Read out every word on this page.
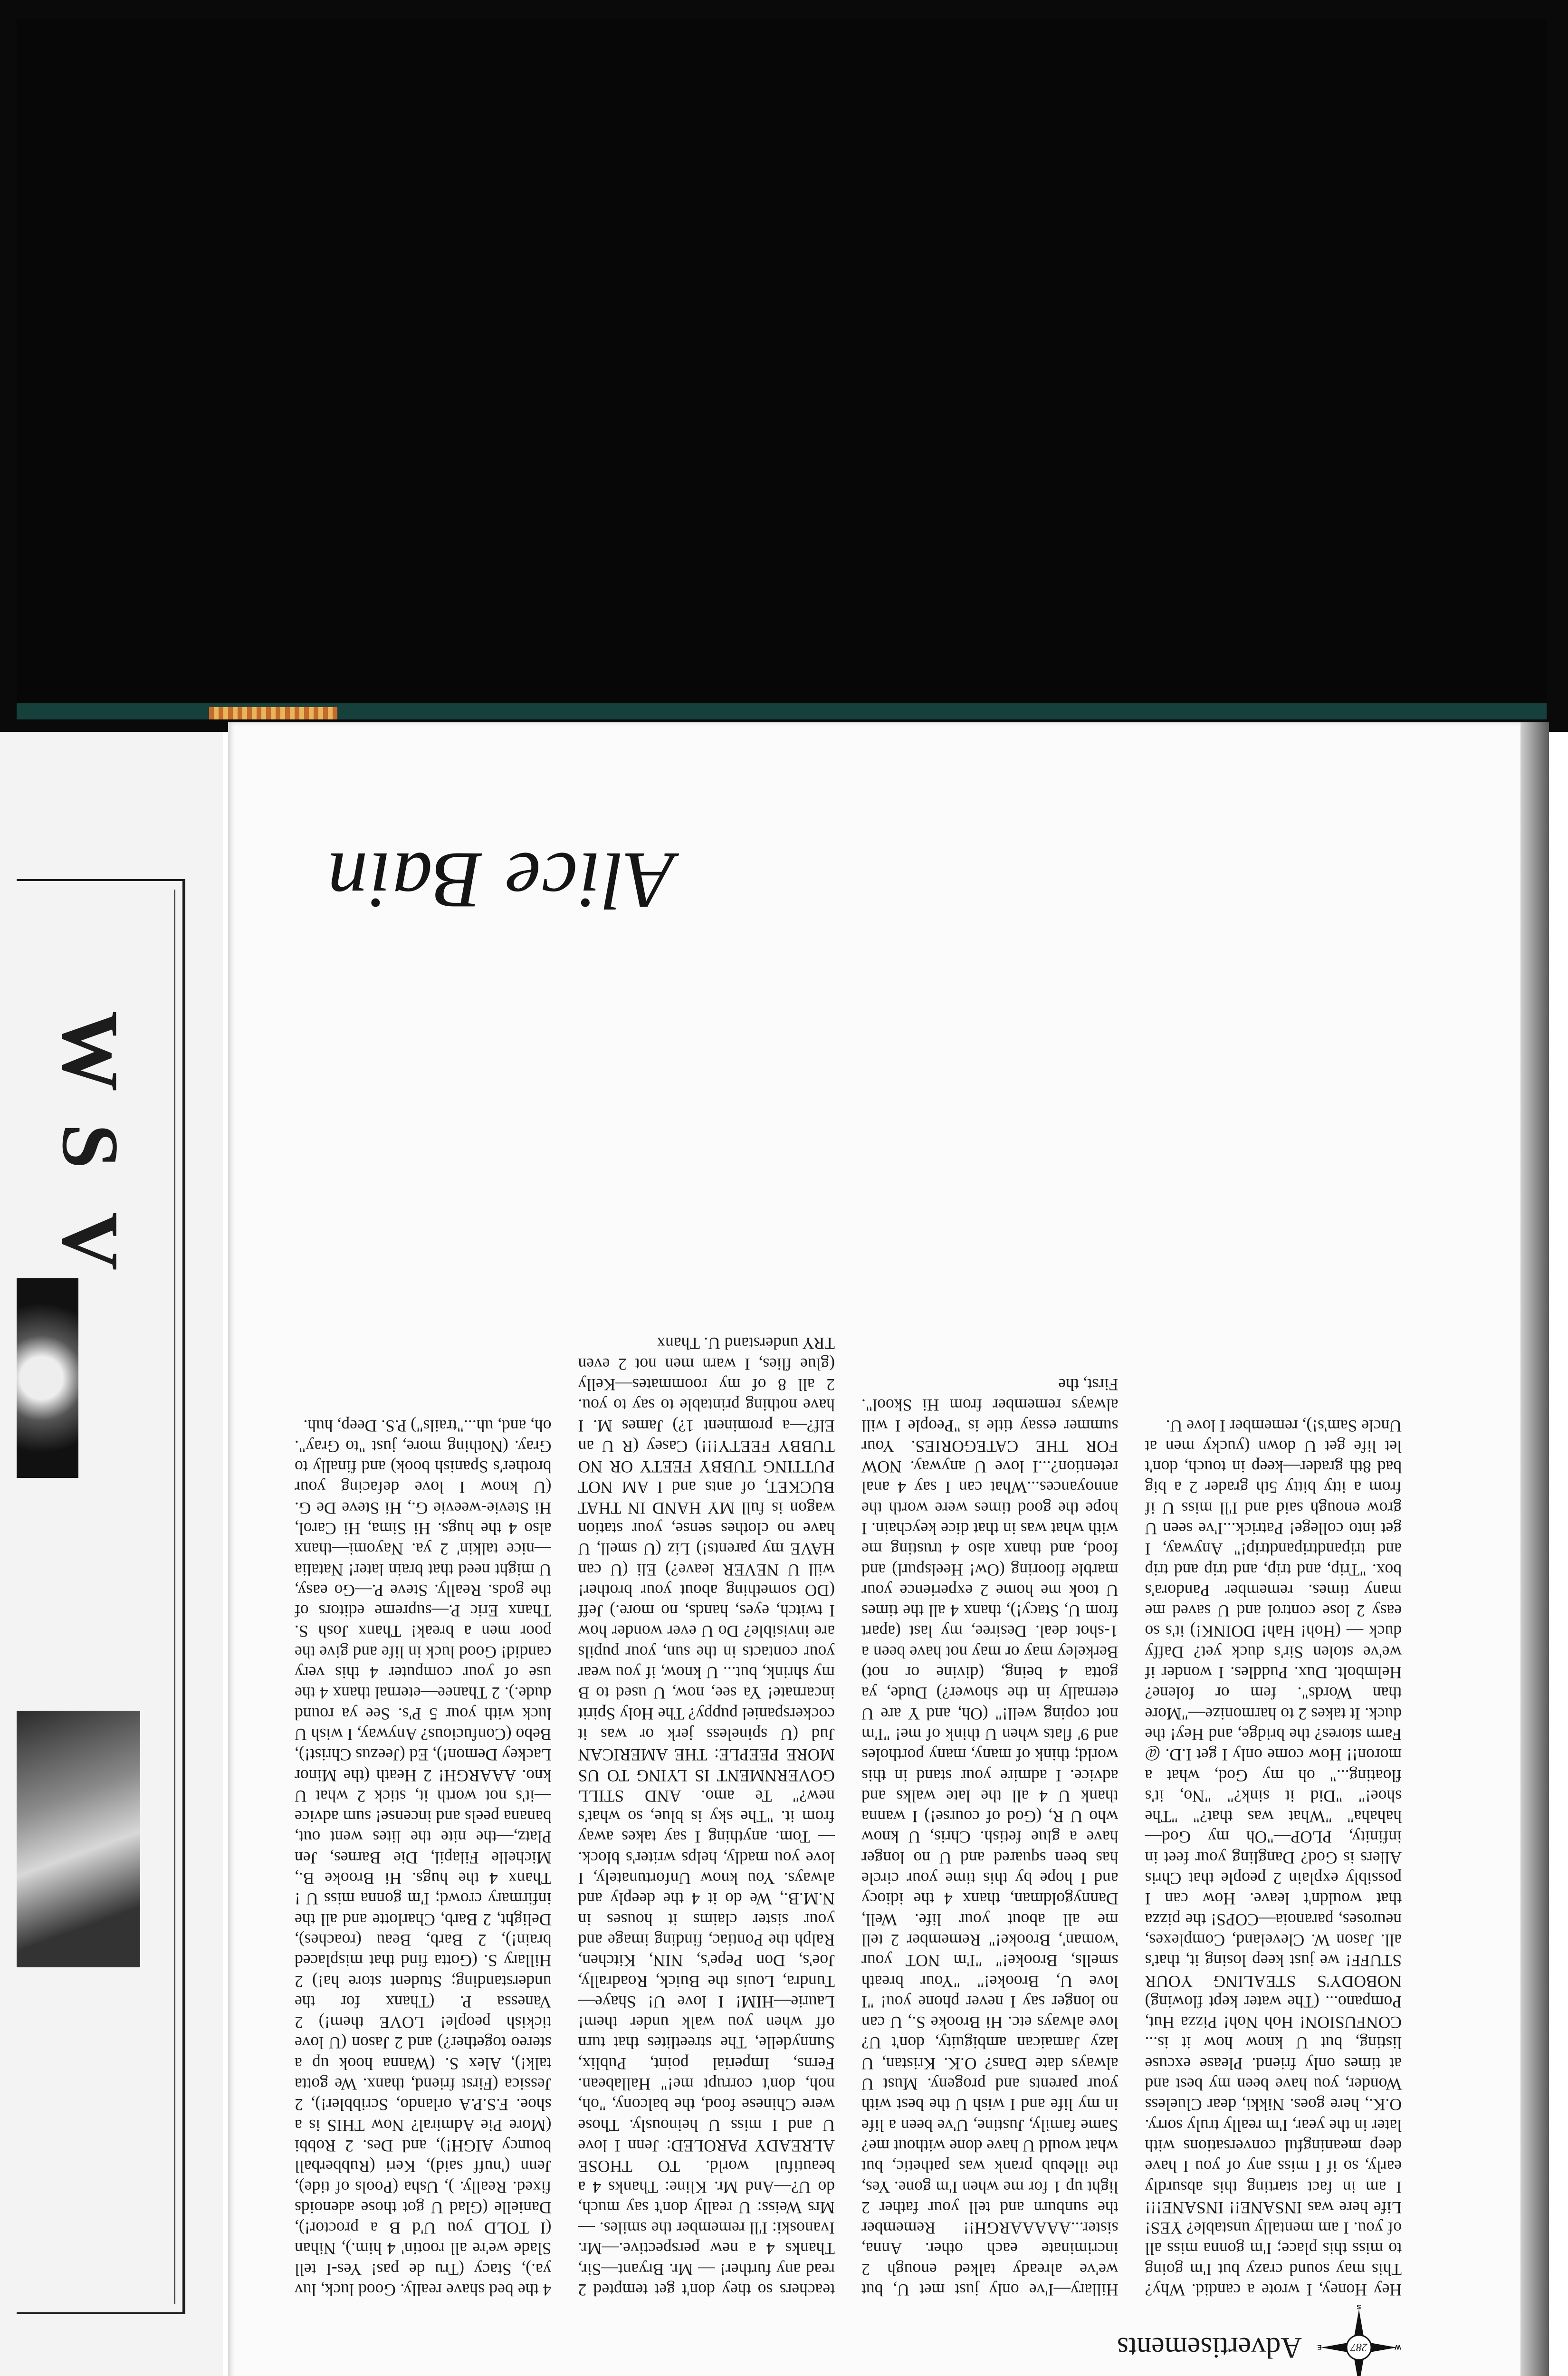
W
S
V
287
S
W
E
Advertisements

Hey Honey, I wrote a candid. Why? This may sound crazy but I'm going to miss this place; I'm gonna miss all of you. I am mentally unstable? YES! Life here was INSANE!! INSANE!!! I am in fact starting this absurdly early, so if I miss any of you I have deep meaningful conversations with later in the year, I'm really truly sorry. O.K., here goes. Nikki, dear Clueless Wonder, you have been my best and at times only friend. Please excuse listing, but U know how it is... CONFUSION! Hoh Noh! Pizza Hut, Pompano... (The water kept flowing) NOBODY'S STEALING YOUR STUFF! we just keep losing it, that's all. Jason W. Cleveland, Complexes, neuroses, paranoia—COPS! the pizza that wouldn't leave. How can I possibly explain 2 people that Chris Allers is God? Dangling your feet in infinity, PLOP—"Oh my God—hahaha" "What was that?" "The shoe!" "Did it sink?" "No, it's floating..." oh my God, what a moron!! How come only I get I.D. @ Farm stores? the bridge, and Hey! the duck. It takes 2 to harmonize—"More than Words". fem or folene? Helmbolt. Dux. Puddles. I wonder if we've stolen Sir's duck yet? Daffy duck — (Hoh! Hah! DOINK!) it's so easy 2 lose control and U saved me many times. remember Pandora's box. "Trip, and trip, and trip and trip and tripandtripandtrip!" Anyway, I get into college! Patrick...I've seen U grow enough said and I'll miss U if from a itty bitty 5th grader 2 a big bad 8th grader—keep in touch, don't let life get U down (yucky men at Uncle Sam's!), remember I love U.

Hillary—I've only just met U, but we've already talked enough 2 incriminate each other. Anna, sister...AAAAARGH!! Remember the sunburn and tell your father 2 light up 1 for me when I'm gone. Yes, the illebub prank was pathetic, but what would U have done without me? Same family, Justine, U've been a life in my life and I wish U the best with your parents and progeny. Must U always date Dans? O.K. Kristan, U lazy Jamaican ambiguity, don't U? love always etc. Hi Brooke S., U can no longer say I never phone you! "I love U, Brooke!" "Your breath smells, Brooke!" "I'm NOT your 'woman', Brooke!" Remember 2 tell me all about your life. Well, Dannygoldman, thanx 4 the idiocy and I hope by this time your circle has been squared and U no longer have a glue fetish. Chris, U know who U R, (God of course!) I wanna thank U 4 all the late walks and advice. I admire your stand in this world; think of many, many portholes and 9' flats when U think of me! "I'm not coping well!" (Oh, and Y are U eternally in the shower?) Dude, ya gotta 4 being, (divine or not) Berkeley may or may not have been a 1-shot deal. Desiree, my last (apart from U, Stacy!), thanx 4 all the times U took me home 2 experience your marble flooring (Ow! Heelspurl) and food, and thanx also 4 trusting me with what was in that dice keychain. I hope the good times were worth the annoyances...What can I say 4 anal retention?...I love U anyway. NOW FOR THE CATEGORIES. Your summer essay title is "People I will always remember from Hi Skool". First, the

teachers so they don't get tempted 2 read any further! — Mr. Bryant—Sir, Thanks 4 a new perspective.—Mr. Ivanoski: I'll remember the smiles. —Mrs Weiss: U really don't say much, do U?—And Mr. Kline: Thanks 4 a beautiful world. TO THOSE ALREADY PAROLED: Jenn I love U and I miss U heinously. Those were Chinese food, the balcony, "oh, noh, don't corrupt me!" Hallabean. Ferns, Imperial point, Publix, Sunnydelle, The streetlites that turn off when you walk under them! Laurie—HIM! I love U! Shaye—Tundra, Louis the Buick, Roadrally, Joe's, Don Pepe's, NIN, Kitchen, Ralph the Pontiac, finding image and your sister claims it houses in N.M.B., We do it 4 the deeply and always. You know Unfortunately, I love you madly, helps writer's block.— Tom. anything I say takes away from it. "The sky is blue, so what's new?" Te amo. AND STILL GOVERNMENT IS LYING TO US MORE PEEPLE: THE AMERICAN Jud (U spineless jerk or was it cockerspaniel puppy? The Holy Spirit incarnate! Ya see, now, U used to B my shrink, but... U know, if you wear your contacts in the sun, your pupils are invisible? Do U ever wonder how I twitch, eyes, hands, no more.) Jeff (DO something about your brother! will U NEVER leave?) Eli (U can HAVE my parents!) Liz (U smell, U have no clothes sense, your station wagon is full MY HAND IN THAT BUCKET, of ants and I AM NOT PUTTING TUBBY FEETY OR NO TUBBY FEETY!!!) Casey (R U an Elf?—a prominent 1?) James M. I have nothing printable to say to you. 2 all 8 of my roommates—Kelly (glue flies, I warn men not 2 even TRY understand U. Thanx

4 the bed shave really. Good luck, luv ya.), Stacy (Tru de pas! Yes-I tell Slade we're all rootin' 4 him.), Nihan (I TOLD you U'd B a proctor!), Danielle (Glad U got those adenoids fixed. Really. ), Usha (Pools of tide), Jenn ('nuff said), Keri (Rubberball bouncy AIGH!), and Des. 2 Robbi (More Pie Admiral? Now THIS is a shoe. F.S.P.A orlando, Scribbler!), 2 Jessica (First friend, thanx. We gotta talk!), Alex S. (Wanna hook up a stereo together?) and 2 Jason (U love tickish people! LOVE them!) 2 Vanessa P. (Thanx for the understanding; Student store ha!) 2 Hillary S. (Gotta find that misplaced brain!), 2 Barb, Beau (roaches), Delight, 2 Barb, Charlotte and all the infirmary crowd; I'm gonna miss U ! Thanx 4 the hugs. Hi Brooke B., Michelle Filapil, Die Barnes, Jen Platz,—the nite the lites went out, banana peels and incense! sum advice—it's not worth it, stick 2 what U kno. AAARGH! 2 Heath (the Minor Lackey Demon!), Ed (Jeezus Christ!), Bebo (Confucious? Anyway, I wish U luck with your 5 P's. See ya round dude.). 2 Thanee—eternal thanx 4 the use of your computer 4 this very candid! Good luck in life and give the poor men a break! Thanx Josh S. Thanx Eric P.—supreme editors of the gods. Really. Steve P.—Go easy, U might need that brain later! Natalia—nice talkin' 2 ya. Nayomi—thanx also 4 the hugs. Hi Sima, Hi Carol, Hi Stevie-weevie G., Hi Steve De G. (U know I love defacing your brother's Spanish book) and finally to Gray. (Nothing more, just "to Gray". oh, and, uh..."trails") P.S. Deep, huh.

Alice Bain
